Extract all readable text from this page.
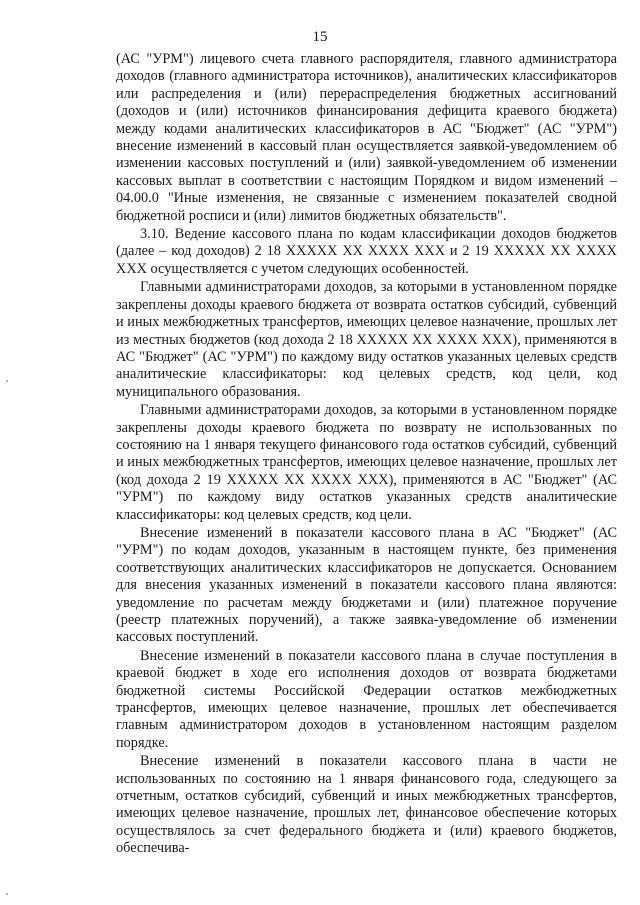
15

(АС "УРМ") лицевого счета главного распорядителя, главного администратора доходов (главного администратора источников), аналитических классификаторов или распределения и (или) перераспределения бюджетных ассигнований (доходов и (или) источников финансирования дефицита краевого бюджета) между кодами аналитических классификаторов в АС "Бюджет" (АС "УРМ") внесение изменений в кассовый план осуществляется заявкой-уведомлением об изменении кассовых поступлений и (или) заявкой-уведомлением об изменении кассовых выплат в соответствии с настоящим Порядком и видом изменений – 04.00.0 "Иные изменения, не связанные с изменением показателей сводной бюджетной росписи и (или) лимитов бюджетных обязательств".

3.10. Ведение кассового плана по кодам классификации доходов бюджетов (далее – код доходов) 2 18 XXXXX XX XXXX XXX и 2 19 XXXXX XX XXXX XXX осуществляется с учетом следующих особенностей.

Главными администраторами доходов, за которыми в установленном порядке закреплены доходы краевого бюджета от возврата остатков субсидий, субвенций и иных межбюджетных трансфертов, имеющих целевое назначение, прошлых лет из местных бюджетов (код дохода 2 18 XXXXX XX XXXX XXX), применяются в АС "Бюджет" (АС "УРМ") по каждому виду остатков указанных целевых средств аналитические классификаторы: код целевых средств, код цели, код муниципального образования.

Главными администраторами доходов, за которыми в установленном порядке закреплены доходы краевого бюджета по возврату не использованных по состоянию на 1 января текущего финансового года остатков субсидий, субвенций и иных межбюджетных трансфертов, имеющих целевое назначение, прошлых лет (код дохода 2 19 XXXXX XX XXXX XXX), применяются в АС "Бюджет" (АС "УРМ") по каждому виду остатков указанных средств аналитические классификаторы: код целевых средств, код цели.

Внесение изменений в показатели кассового плана в АС "Бюджет" (АС "УРМ") по кодам доходов, указанным в настоящем пункте, без применения соответствующих аналитических классификаторов не допускается. Основанием для внесения указанных изменений в показатели кассового плана являются: уведомление по расчетам между бюджетами и (или) платежное поручение (реестр платежных поручений), а также заявка-уведомление об изменении кассовых поступлений.

Внесение изменений в показатели кассового плана в случае поступления в краевой бюджет в ходе его исполнения доходов от возврата бюджетами бюджетной системы Российской Федерации остатков межбюджетных трансфертов, имеющих целевое назначение, прошлых лет обеспечивается главным администратором доходов в установленном настоящим разделом порядке.

Внесение изменений в показатели кассового плана в части не использованных по состоянию на 1 января финансового года, следующего за отчетным, остатков субсидий, субвенций и иных межбюджетных трансфертов, имеющих целевое назначение, прошлых лет, финансовое обеспечение которых осуществлялось за счет федерального бюджета и (или) краевого бюджетов, обеспечива-
